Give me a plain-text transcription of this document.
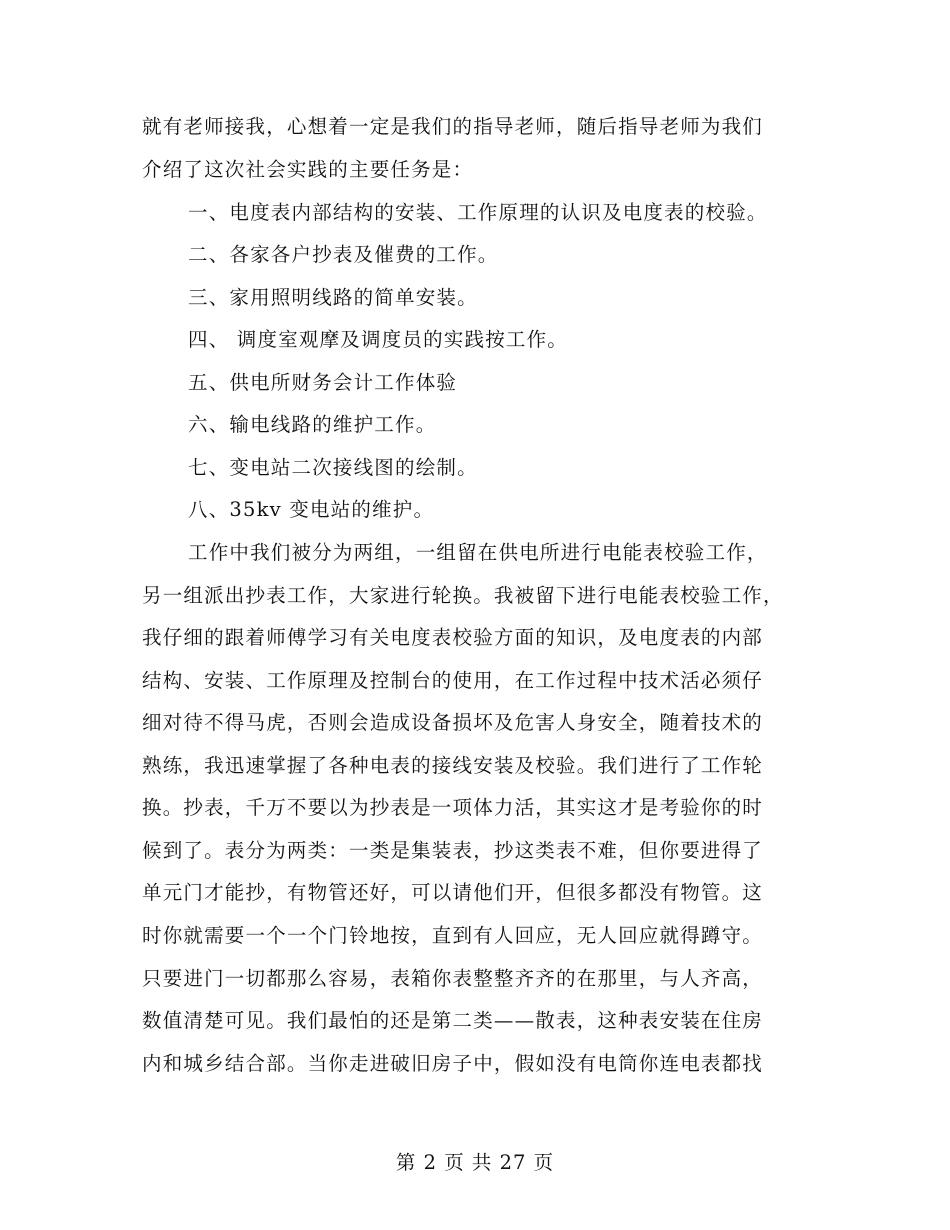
就有老师接我，心想着一定是我们的指导老师，随后指导老师为我们
介绍了这次社会实践的主要任务是：
一、电度表内部结构的安装、工作原理的认识及电度表的校验。
二、各家各户抄表及催费的工作。
三、家用照明线路的简单安装。
四、 调度室观摩及调度员的实践按工作。
五、供电所财务会计工作体验
六、输电线路的维护工作。
七、变电站二次接线图的绘制。
八、35kv 变电站的维护。
工作中我们被分为两组，一组留在供电所进行电能表校验工作，
另一组派出抄表工作，大家进行轮换。我被留下进行电能表校验工作，
我仔细的跟着师傅学习有关电度表校验方面的知识，及电度表的内部
结构、安装、工作原理及控制台的使用，在工作过程中技术活必须仔
细对待不得马虎，否则会造成设备损坏及危害人身安全，随着技术的
熟练，我迅速掌握了各种电表的接线安装及校验。我们进行了工作轮
换。抄表，千万不要以为抄表是一项体力活，其实这才是考验你的时
候到了。表分为两类：一类是集装表，抄这类表不难，但你要进得了
单元门才能抄，有物管还好，可以请他们开，但很多都没有物管。这
时你就需要一个一个门铃地按，直到有人回应，无人回应就得蹲守。
只要进门一切都那么容易，表箱你表整整齐齐的在那里，与人齐高，
数值清楚可见。我们最怕的还是第二类——散表，这种表安装在住房
内和城乡结合部。当你走进破旧房子中，假如没有电筒你连电表都找
第 2 页 共 27 页
